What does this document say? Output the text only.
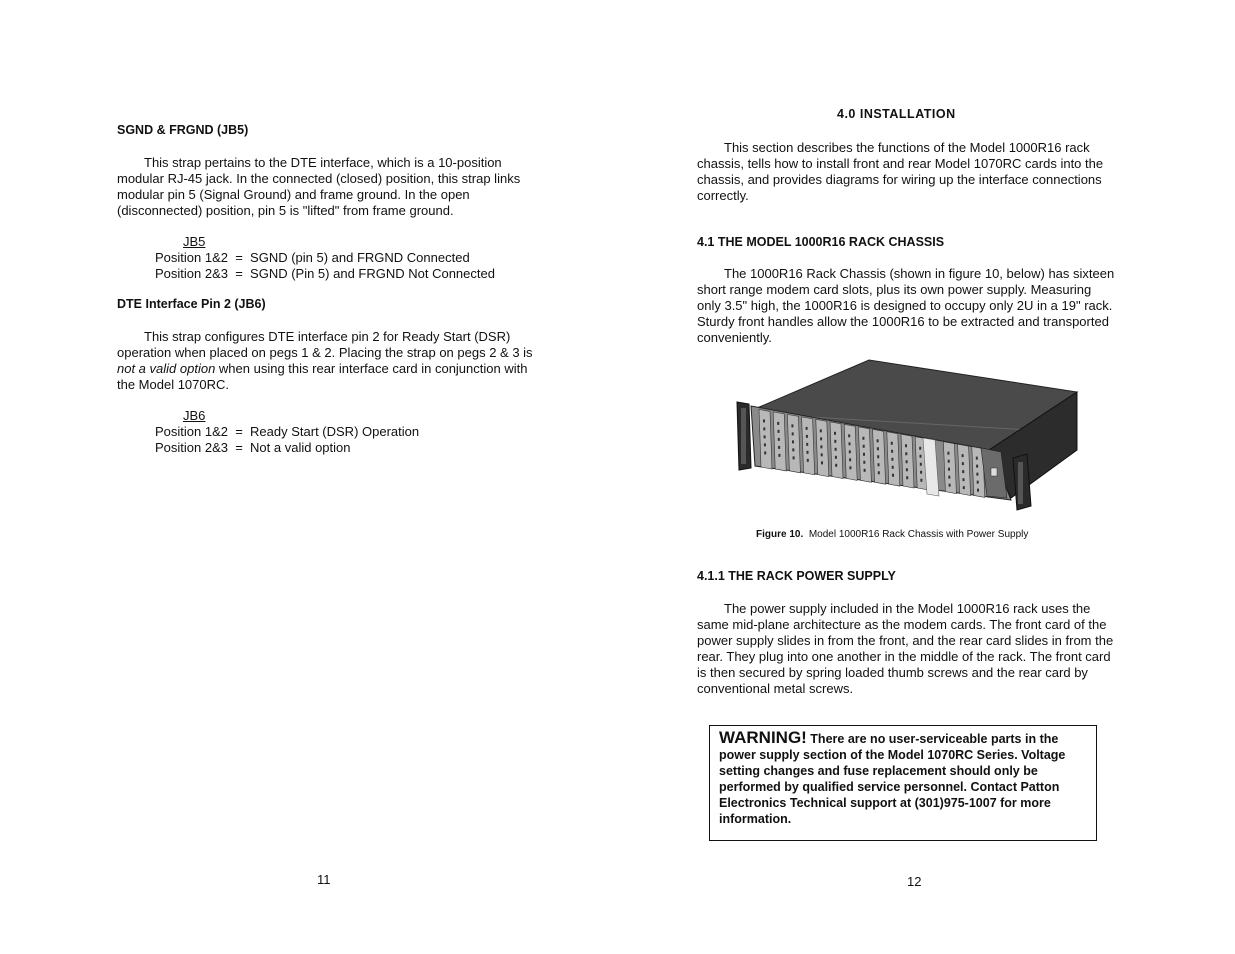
SGND & FRGND (JB5)

This strap pertains to the DTE interface, which is a 10-position modular RJ-45 jack. In the connected (closed) position, this strap links modular pin 5 (Signal Ground) and frame ground. In the open (disconnected) position, pin 5 is "lifted" from frame ground.

JB5

Position 1&2  =  SGND (pin 5) and FRGND Connected

Position 2&3  =  SGND (Pin 5) and FRGND Not Connected

DTE Interface Pin 2 (JB6)

This strap configures DTE interface pin 2 for Ready Start (DSR) operation when placed on pegs 1 & 2. Placing the strap on pegs 2 & 3 is not a valid option when using this rear interface card in conjunction with the Model 1070RC.

JB6

Position 1&2  =  Ready Start (DSR) Operation

Position 2&3  =  Not a valid option

11

4.0 INSTALLATION

This section describes the functions of the Model 1000R16 rack chassis, tells how to install front and rear Model 1070RC cards into the chassis, and provides diagrams for wiring up the interface connections correctly.

4.1 THE MODEL 1000R16 RACK CHASSIS

The 1000R16 Rack Chassis (shown in figure 10, below) has sixteen short range modem card slots, plus its own power supply. Measuring only 3.5" high, the 1000R16 is designed to occupy only 2U in a 19" rack. Sturdy front handles allow the 1000R16 to be extracted and transported conveniently.

Figure 10. Model 1000R16 Rack Chassis with Power Supply

4.1.1 THE RACK POWER SUPPLY

The power supply included in the Model 1000R16 rack uses the same mid-plane architecture as the modem cards. The front card of the power supply slides in from the front, and the rear card slides in from the rear. They plug into one another in the middle of the rack. The front card is then secured by spring loaded thumb screws and the rear card by conventional metal screws.

WARNING! There are no user-serviceable parts in the power supply section of the Model 1070RC Series. Voltage setting changes and fuse replacement should only be performed by qualified service personnel. Contact Patton Electronics Technical support at (301)975-1007 for more information.

12
